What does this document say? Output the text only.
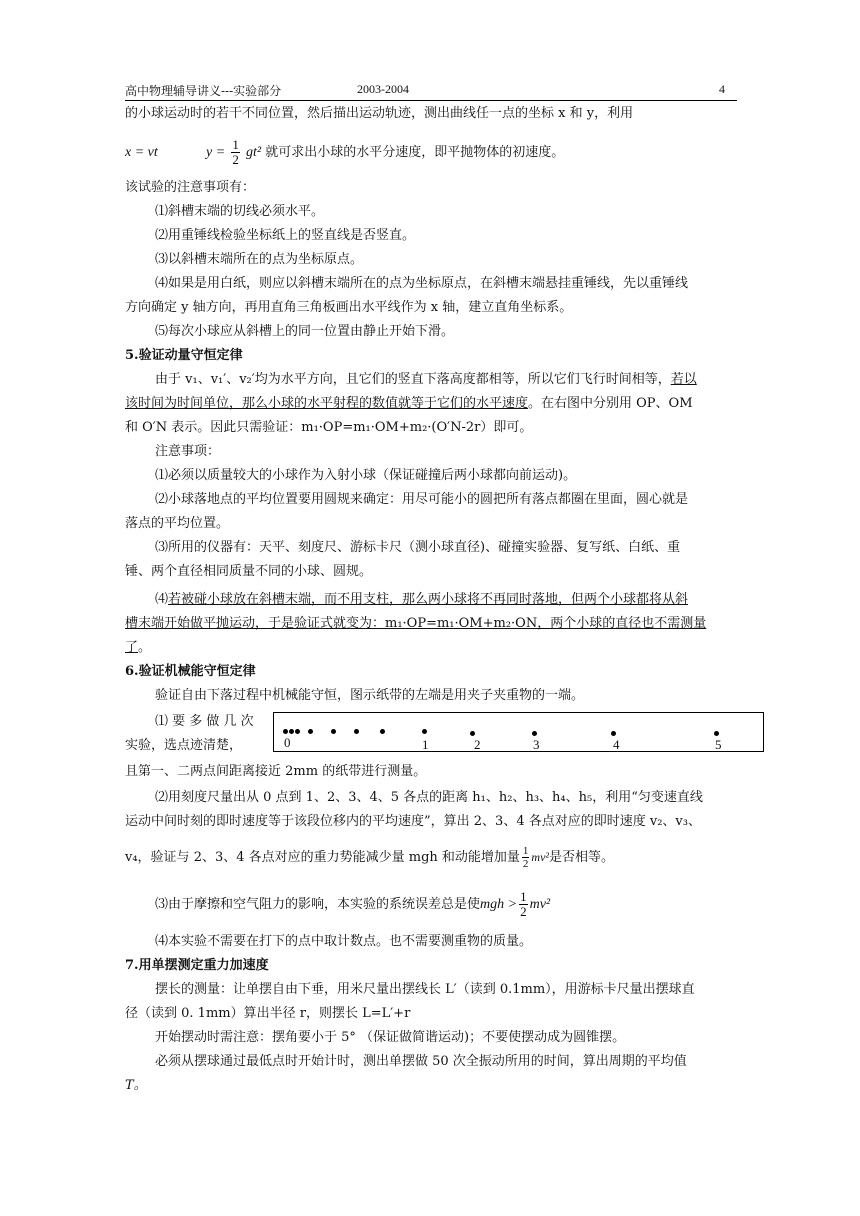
高中物理辅导讲义---实验部分	2003-2004	4
的小球运动时的若干不同位置，然后描出运动轨迹，测出曲线任一点的坐标 x 和 y，利用
x = vt	$y = \frac{1}{2} gt^2$ 就可求出小球的水平分速度，即平抛物体的初速度。
该试验的注意事项有：
⑴斜槽末端的切线必须水平。
⑵用重锤线检验坐标纸上的竖直线是否竖直。
⑶以斜槽末端所在的点为坐标原点。
⑷如果是用白纸，则应以斜槽末端所在的点为坐标原点，在斜槽末端悬挂重锤线，先以重锤线
方向确定 y 轴方向，再用直角三角板画出水平线作为 x 轴，建立直角坐标系。
⑸每次小球应从斜槽上的同一位置由静止开始下滑。
5.验证动量守恒定律
由于 v₁、v₁′、v₂′均为水平方向，且它们的竖直下落高度都相等，所以它们飞行时间相等，若以
该时间为时间单位，那么小球的水平射程的数值就等于它们的水平速度。在右图中分别用 OP、OM
和 O′N 表示。因此只需验证：m₁·OP=m₁·OM+m₂·(O′N-2r）即可。
注意事项：
⑴必须以质量较大的小球作为入射小球（保证碰撞后两小球都向前运动)。
⑵小球落地点的平均位置要用圆规来确定：用尽可能小的圆把所有落点都圈在里面，圆心就是
落点的平均位置。
⑶所用的仪器有：天平、刻度尺、游标卡尺（测小球直径)、碰撞实验器、复写纸、白纸、重
锤、两个直径相同质量不同的小球、圆规。
⑷若被碰小球放在斜槽末端，而不用支柱，那么两小球将不再同时落地，但两个小球都将从斜
槽末端开始做平抛运动，于是验证式就变为：m₁·OP=m₁·OM+m₂·ON，两个小球的直径也不需测量
了。
6.验证机械能守恒定律
验证自由下落过程中机械能守恒，图示纸带的左端是用夹子夹重物的一端。
⑴ 要 多 做 几 次
实验，选点迹清楚，	0	1	2	3	4	5
且第一、二两点间距离接近 2mm 的纸带进行测量。
⑵用刻度尺量出从 0 点到 1、2、3、4、5 各点的距离 h₁、h₂、h₃、h₄、h₅，利用“匀变速直线
运动中间时刻的即时速度等于该段位移内的平均速度”，算出 2、3、4 各点对应的即时速度 v₂、v₃、
v₄，验证与 2、3、4 各点对应的重力势能减少量 mgh 和动能增加量 $\frac{1}{2} mv^2$是否相等。
⑶由于摩擦和空气阻力的影响，本实验的系统误差总是使mgh > $\frac{1}{2} mv^2$
⑷本实验不需要在打下的点中取计数点。也不需要测重物的质量。
7.用单摆测定重力加速度
摆长的测量：让单摆自由下垂，用米尺量出摆线长 L′（读到 0.1mm），用游标卡尺量出摆球直
径（读到 0. 1mm）算出半径 r，则摆长 L=L′+r
开始摆动时需注意：摆角要小于 5° （保证做简谐运动)；不要使摆动成为圆锥摆。
必须从摆球通过最低点时开始计时，测出单摆做 50 次全振动所用的时间，算出周期的平均值
T。
